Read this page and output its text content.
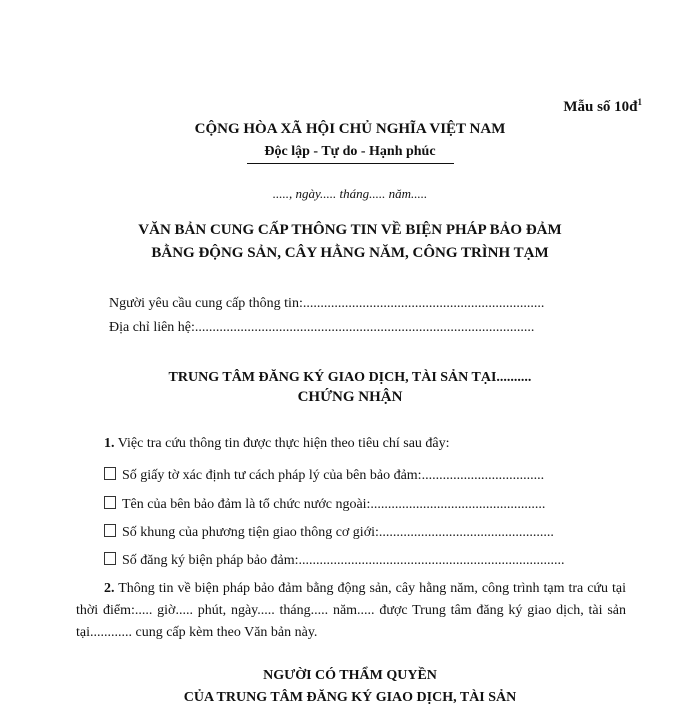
Mẫu số $10đ^1$
CỘNG HÒA XÃ HỘI CHỦ NGHĨA VIỆT NAM
Độc lập - Tự do - Hạnh phúc
....., ngày..... tháng..... năm.....
VĂN BẢN CUNG CẤP THÔNG TIN VỀ BIỆN PHÁP BẢO ĐẢM
BẰNG ĐỘNG SẢN, CÂY HẰNG NĂM, CÔNG TRÌNH TẠM
Người yêu cầu cung cấp thông tin:.....................................................................
Địa chỉ liên hệ:.................................................................................................
TRUNG TÂM ĐĂNG KÝ GIAO DỊCH, TÀI SẢN TẠI..........
CHỨNG NHẬN
1. Việc tra cứu thông tin được thực hiện theo tiêu chí sau đây:
Số giấy tờ xác định tư cách pháp lý của bên bảo đảm:...................................
Tên của bên bảo đảm là tổ chức nước ngoài:..................................................
Số khung của phương tiện giao thông cơ giới:..................................................
Số đăng ký biện pháp bảo đảm:............................................................................
2. Thông tin về biện pháp bảo đảm bằng động sản, cây hằng năm, công trình tạm tra cứu tại thời điểm:..... giờ..... phút, ngày..... tháng..... năm..... được Trung tâm đăng ký giao dịch, tài sản tại............ cung cấp kèm theo Văn bản này.
NGƯỜI CÓ THẨM QUYỀN
CỦA TRUNG TÂM ĐĂNG KÝ GIAO DỊCH, TÀI SẢN
